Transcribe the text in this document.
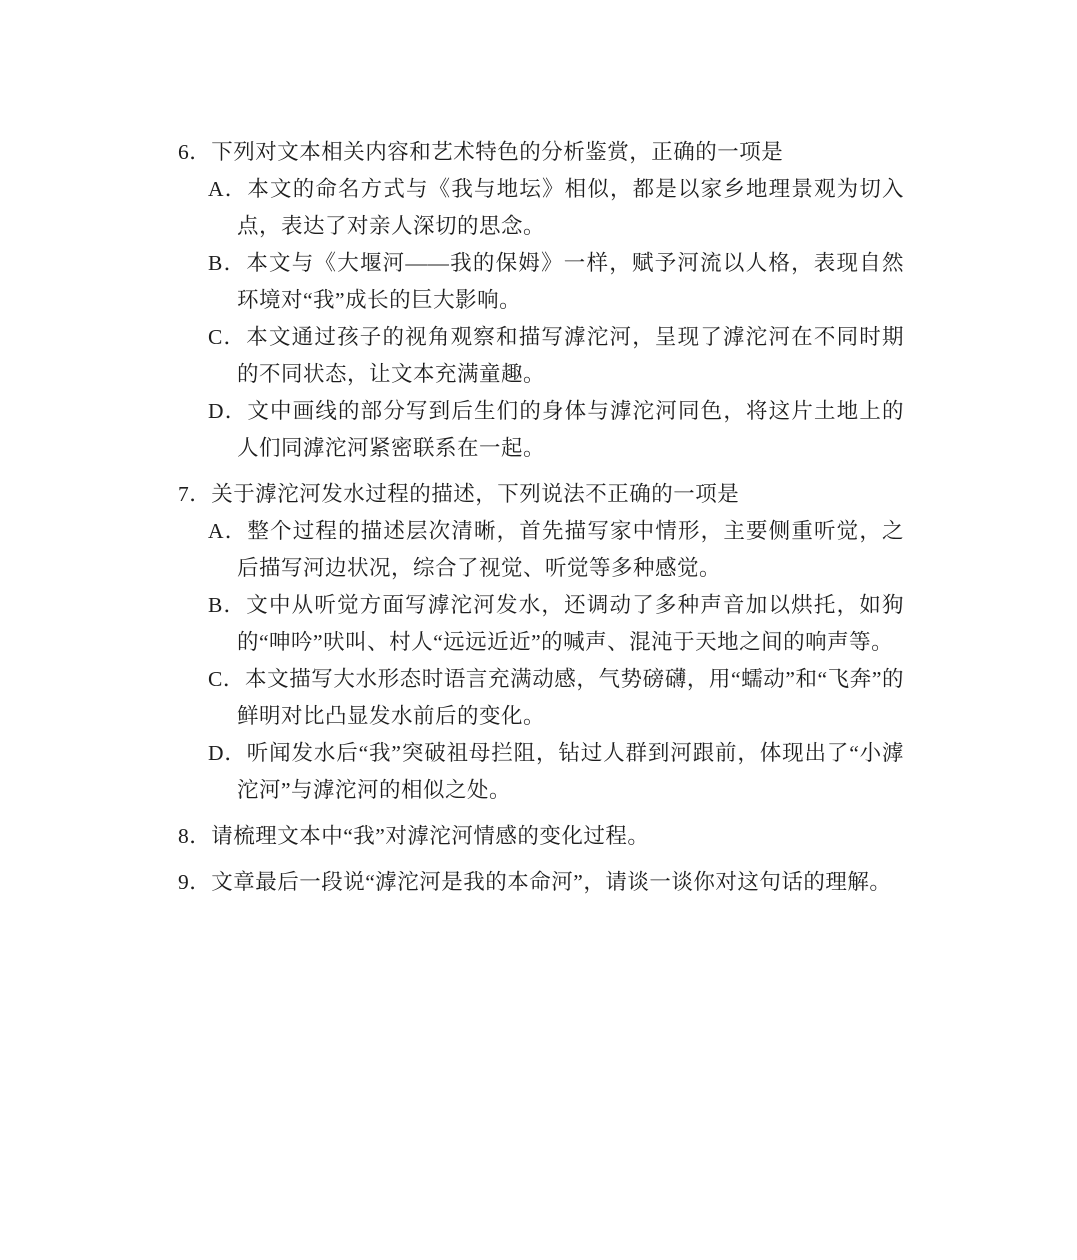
6．下列对文本相关内容和艺术特色的分析鉴赏，正确的一项是
A．本文的命名方式与《我与地坛》相似，都是以家乡地理景观为切入点，表达了对亲人深切的思念。
B．本文与《大堰河——我的保姆》一样，赋予河流以人格，表现自然环境对“我”成长的巨大影响。
C．本文通过孩子的视角观察和描写滹沱河，呈现了滹沱河在不同时期的不同状态，让文本充满童趣。
D．文中画线的部分写到后生们的身体与滹沱河同色，将这片土地上的人们同滹沱河紧密联系在一起。
7．关于滹沱河发水过程的描述，下列说法不正确的一项是
A．整个过程的描述层次清晰，首先描写家中情形，主要侧重听觉，之后描写河边状况，综合了视觉、听觉等多种感觉。
B．文中从听觉方面写滹沱河发水，还调动了多种声音加以烘托，如狗的“呻吟”吠叫、村人“远远近近”的喊声、混沌于天地之间的响声等。
C．本文描写大水形态时语言充满动感，气势磅礴，用“蠕动”和“飞奔”的鲜明对比凸显发水前后的变化。
D．听闻发水后“我”突破祖母拦阻，钻过人群到河跟前，体现出了“小滹沱河”与滹沱河的相似之处。
8．请梳理文本中“我”对滹沱河情感的变化过程。
9．文章最后一段说“滹沱河是我的本命河”，请谈一谈你对这句话的理解。
